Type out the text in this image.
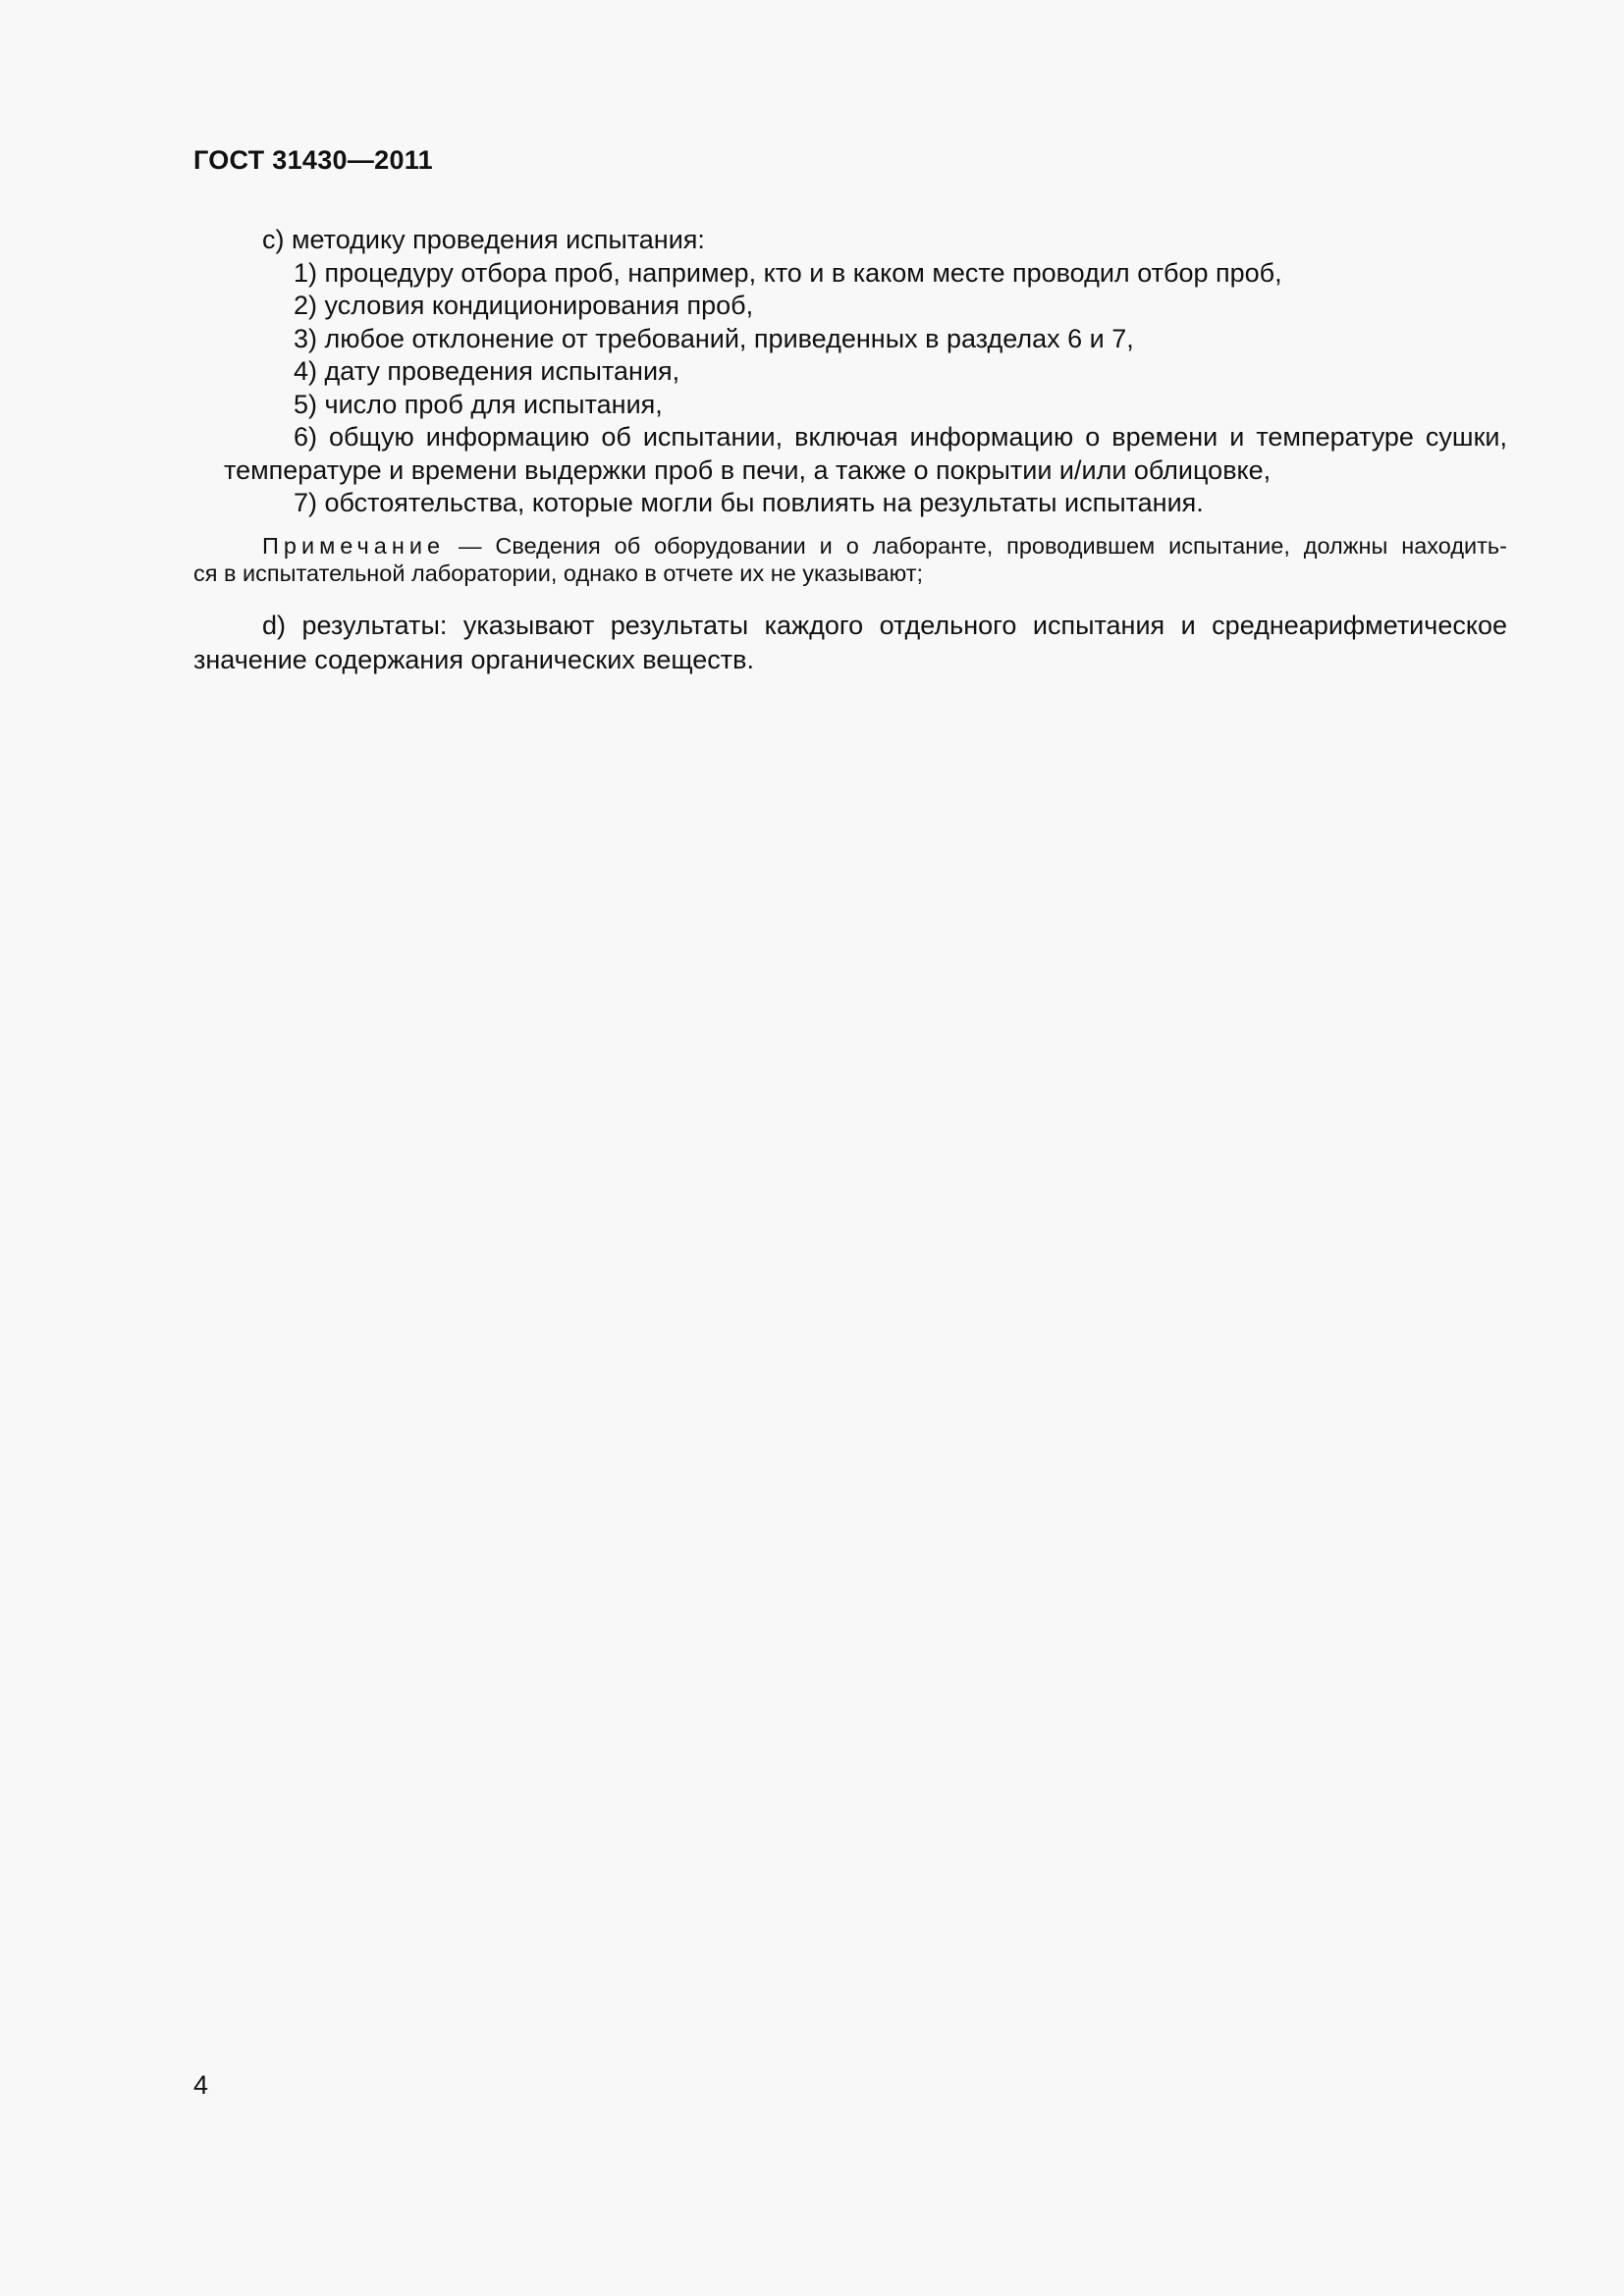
ГОСТ 31430—2011
c) методику проведения испытания:
1) процедуру отбора проб, например, кто и в каком месте проводил отбор проб,
2) условия кондиционирования проб,
3) любое отклонение от требований, приведенных в разделах 6 и 7,
4) дату проведения испытания,
5) число проб для испытания,
6) общую информацию об испытании, включая информацию о времени и температуре сушки,
температуре и времени выдержки проб в печи, а также о покрытии и/или облицовке,
7) обстоятельства, которые могли бы повлиять на результаты испытания.
Примечание — Сведения об оборудовании и о лаборанте, проводившем испытание, должны находить-
ся в испытательной лаборатории, однако в отчете их не указывают;
d) результаты: указывают результаты каждого отдельного испытания и среднеарифметическое
значение содержания органических веществ.
4
